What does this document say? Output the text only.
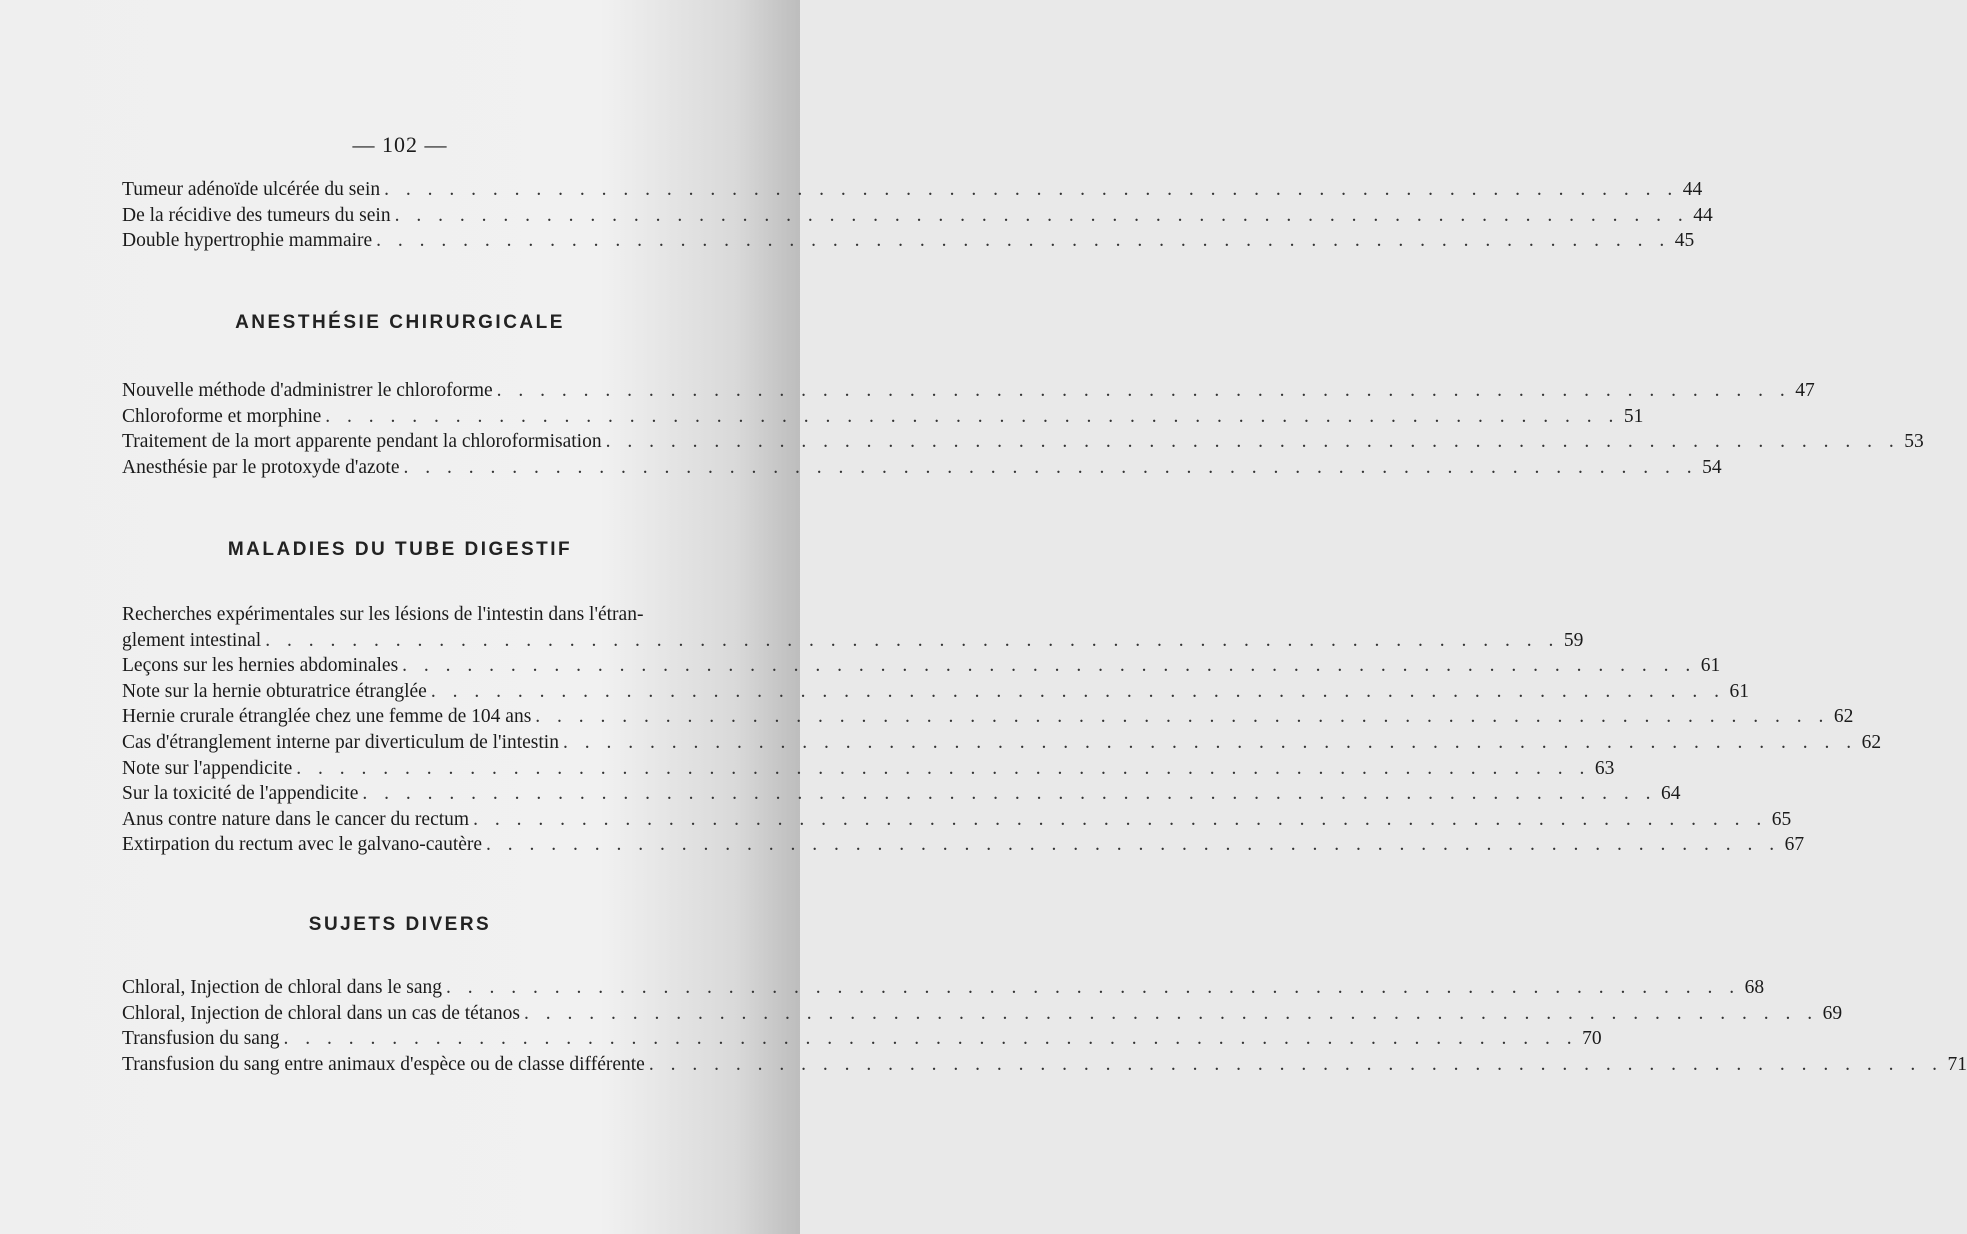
— 102 —
Tumeur adénoïde ulcérée du sein . . .	44
De la récidive des tumeurs du sein . . .	44
Double hypertrophie mammaire . . .	45
ANESTHÉSIE CHIRURGICALE
Nouvelle méthode d'administrer le chloroforme . . .	47
Chloroforme et morphine . . .	51
Traitement de la mort apparente pendant la chloroformisation . . .	53
Anesthésie par le protoxyde d'azote . . .	54
MALADIES DU TUBE DIGESTIF
Recherches expérimentales sur les lésions de l'intestin dans l'étran-
glement intestinal . . .	59
Leçons sur les hernies abdominales . . .	61
Note sur la hernie obturatrice étranglée . . .	61
Hernie crurale étranglée chez une femme de 104 ans . . .	62
Cas d'étranglement interne par diverticulum de l'intestin . . .	62
Note sur l'appendicite . . .	63
Sur la toxicité de l'appendicite . . .	64
Anus contre nature dans le cancer du rectum . . .	65
Extirpation du rectum avec le galvano-cautère . . .	67
SUJETS DIVERS
Chloral, Injection de chloral dans le sang . . .	68
Chloral, Injection de chloral dans un cas de tétanos . . .	69
Transfusion du sang . . .	70
Transfusion du sang entre animaux d'espèce ou de classe différente . . .	71
